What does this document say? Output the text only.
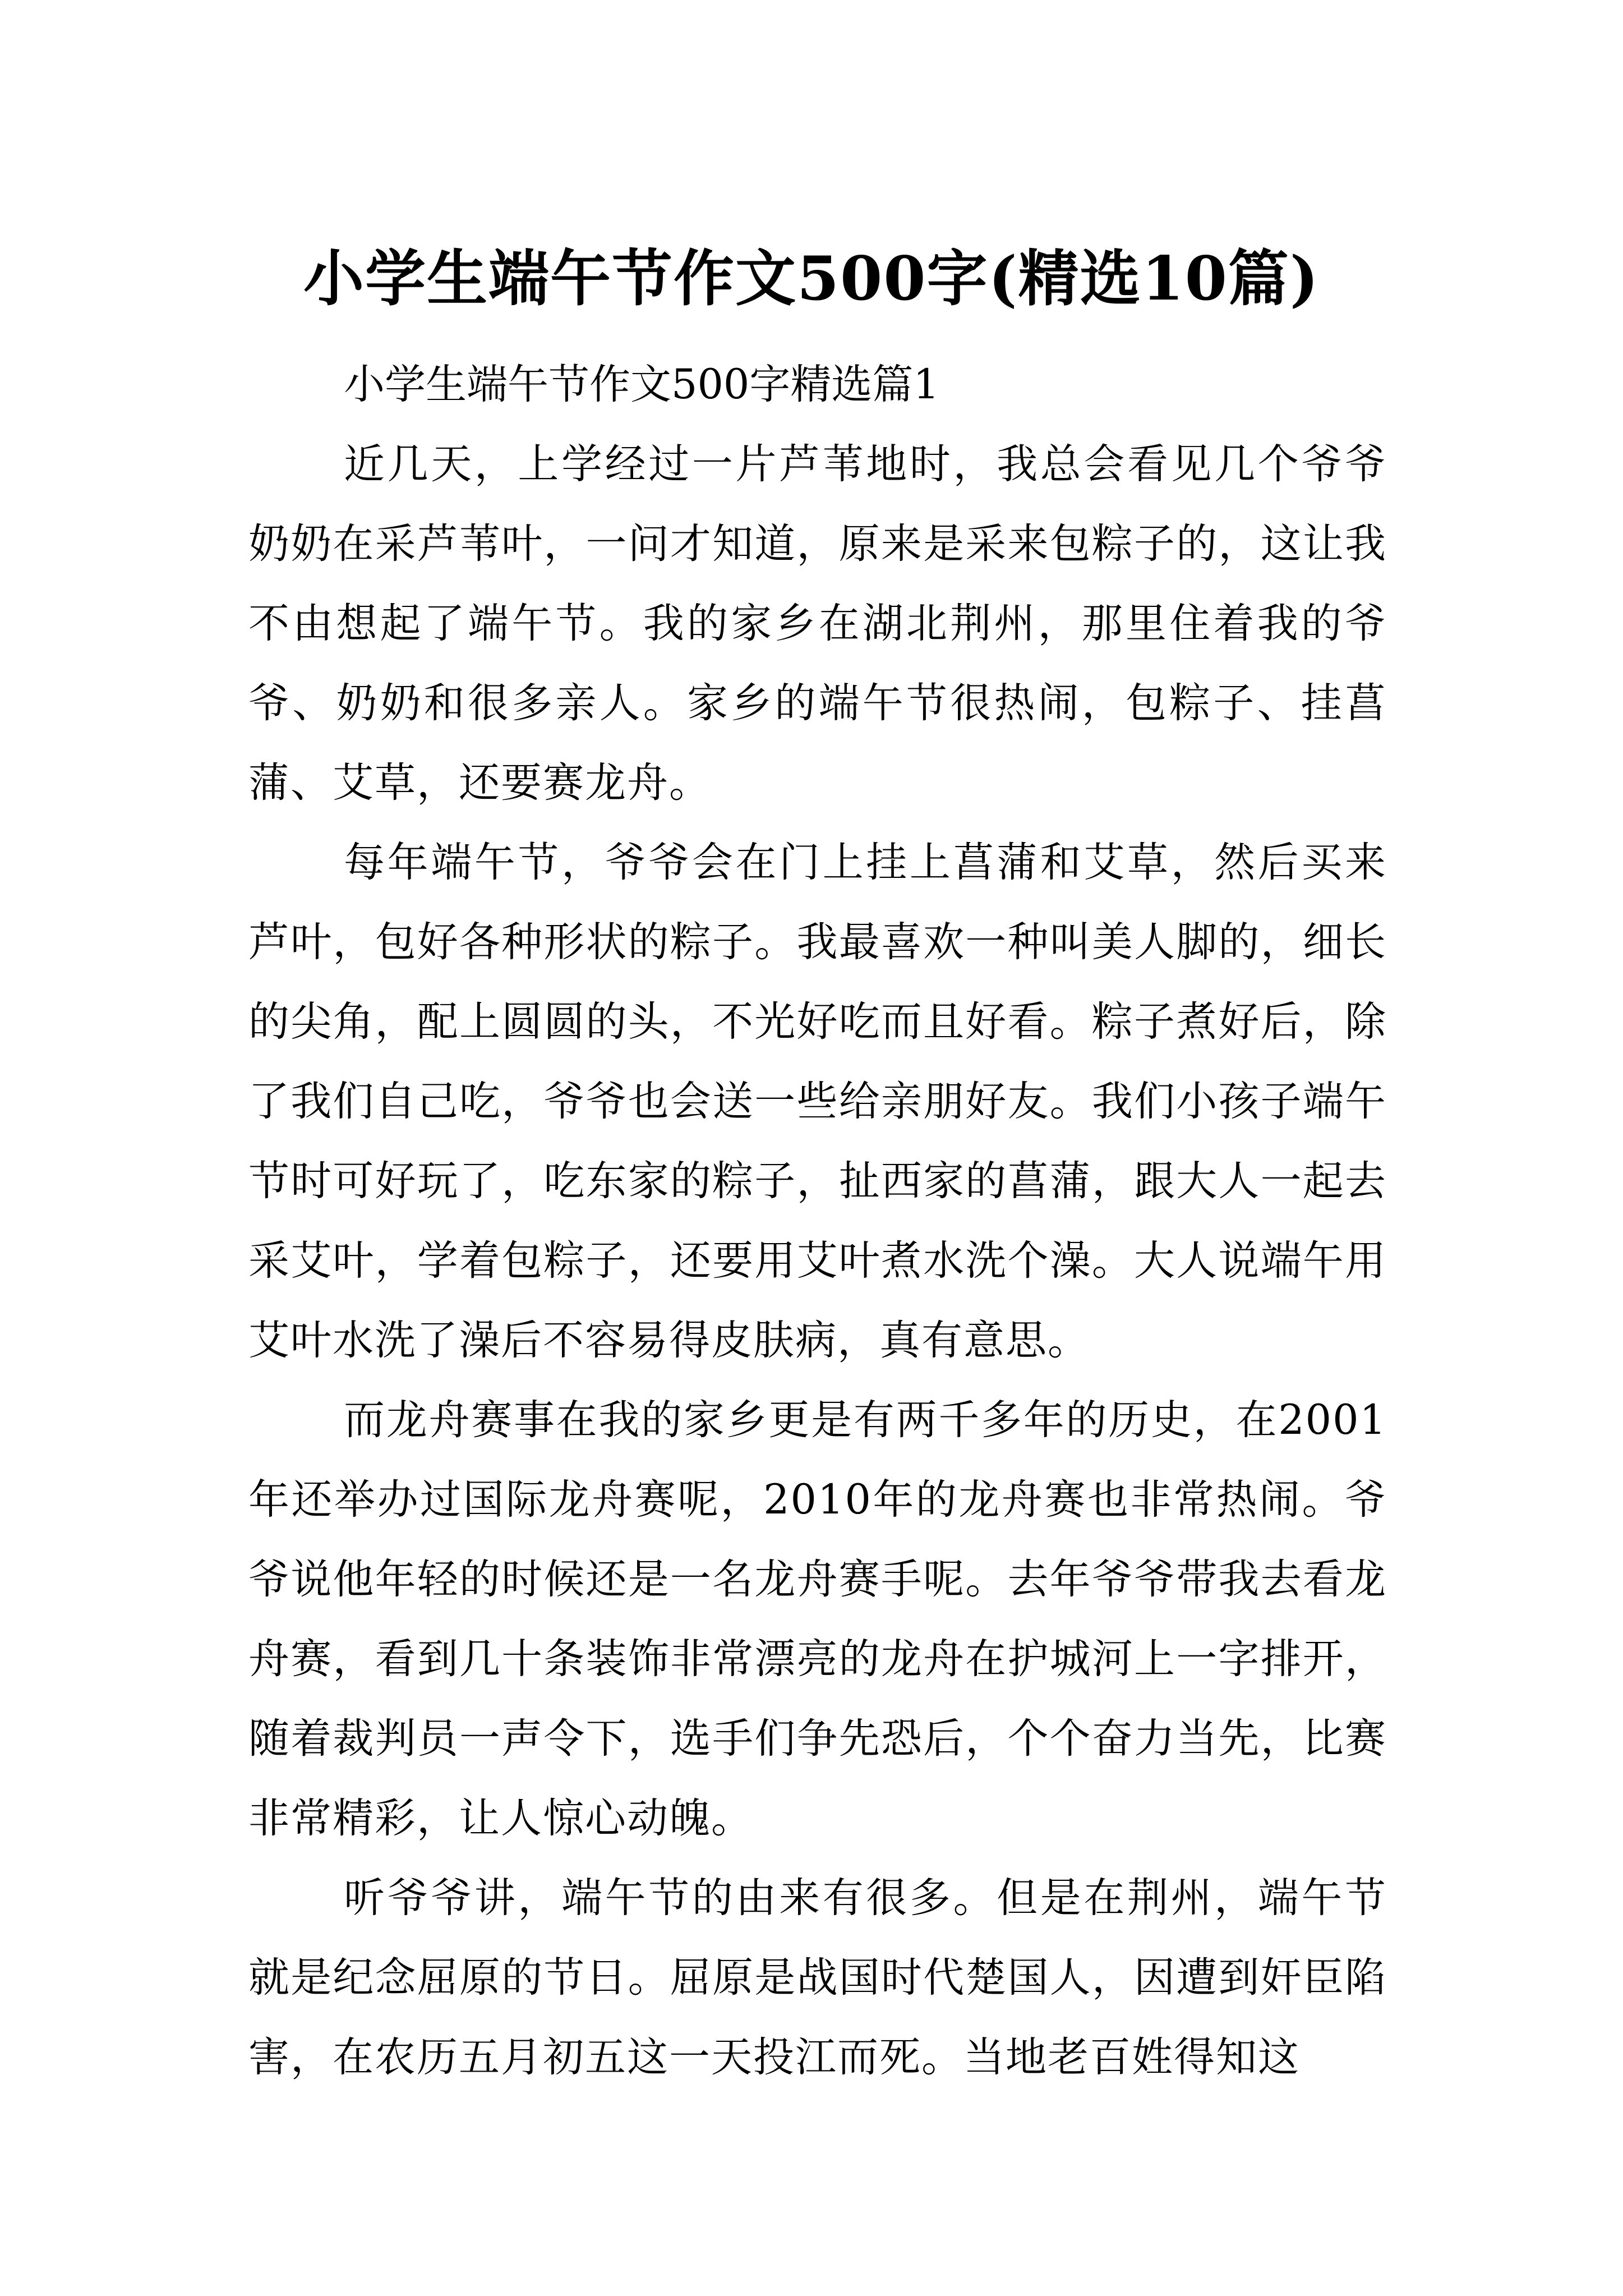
小学生端午节作文500字(精选10篇)

小学生端午节作文500字精选篇1

近几天，上学经过一片芦苇地时，我总会看见几个爷爷奶奶在采芦苇叶，一问才知道，原来是采来包粽子的，这让我不由想起了端午节。我的家乡在湖北荆州，那里住着我的爷爷、奶奶和很多亲人。家乡的端午节很热闹，包粽子、挂菖蒲、艾草，还要赛龙舟。

每年端午节，爷爷会在门上挂上菖蒲和艾草，然后买来芦叶，包好各种形状的粽子。我最喜欢一种叫美人脚的，细长的尖角，配上圆圆的头，不光好吃而且好看。粽子煮好后，除了我们自己吃，爷爷也会送一些给亲朋好友。我们小孩子端午节时可好玩了，吃东家的粽子，扯西家的菖蒲，跟大人一起去采艾叶，学着包粽子，还要用艾叶煮水洗个澡。大人说端午用艾叶水洗了澡后不容易得皮肤病，真有意思。

而龙舟赛事在我的家乡更是有两千多年的历史，在2001年还举办过国际龙舟赛呢，2010年的龙舟赛也非常热闹。爷爷说他年轻的时候还是一名龙舟赛手呢。去年爷爷带我去看龙舟赛，看到几十条装饰非常漂亮的龙舟在护城河上一字排开，随着裁判员一声令下，选手们争先恐后，个个奋力当先，比赛非常精彩，让人惊心动魄。

听爷爷讲，端午节的由来有很多。但是在荆州，端午节就是纪念屈原的节日。屈原是战国时代楚国人，因遭到奸臣陷害，在农历五月初五这一天投江而死。当地老百姓得知这
